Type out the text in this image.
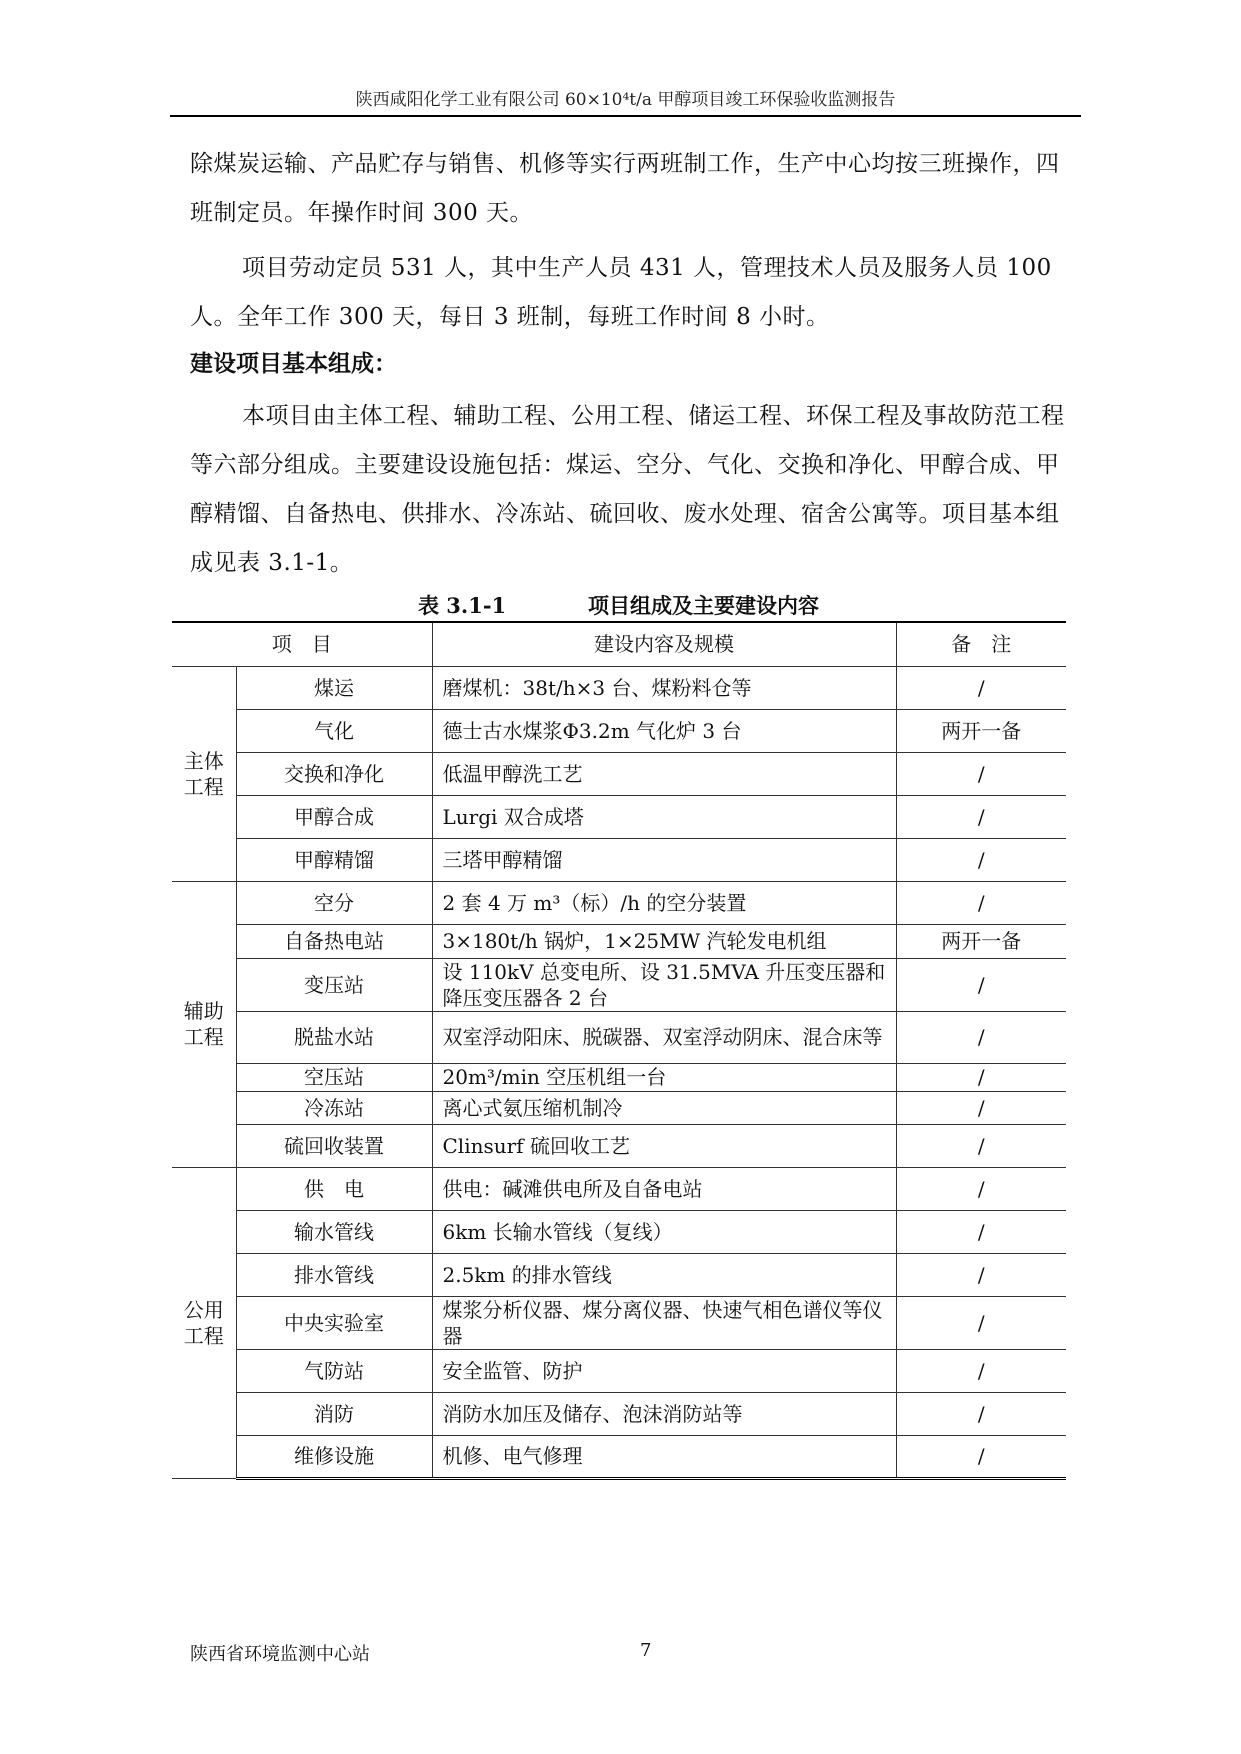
陕西咸阳化学工业有限公司 60×10⁴t/a 甲醇项目竣工环保验收监测报告
除煤炭运输、产品贮存与销售、机修等实行两班制工作，生产中心均按三班操作，四班制定员。年操作时间 300 天。
项目劳动定员 531 人，其中生产人员 431 人，管理技术人员及服务人员 100 人。全年工作 300 天，每日 3 班制，每班工作时间 8 小时。
建设项目基本组成：
本项目由主体工程、辅助工程、公用工程、储运工程、环保工程及事故防范工程等六部分组成。主要建设设施包括：煤运、空分、气化、交换和净化、甲醇合成、甲醇精馏、自备热电、供排水、冷冻站、硫回收、废水处理、宿舍公寓等。项目基本组成见表 3.1-1。
表 3.1-1	项目组成及主要建设内容
项　目		建设内容及规模	备　注
主体
工程	煤运	磨煤机：38t/h×3 台、煤粉料仓等	/
	气化	德士古水煤浆Φ3.2m 气化炉 3 台	两开一备
	交换和净化	低温甲醇洗工艺	/
	甲醇合成	Lurgi 双合成塔	/
	甲醇精馏	三塔甲醇精馏	/
辅助
工程	空分	2 套 4 万 m³（标）/h 的空分装置	/
	自备热电站	3×180t/h 锅炉，1×25MW 汽轮发电机组	两开一备
	变压站	设 110kV 总变电所、设 31.5MVA 升压变压器和降压变压器各 2 台	/
	脱盐水站	双室浮动阳床、脱碳器、双室浮动阴床、混合床等	/
	空压站	20m³/min 空压机组一台	/
	冷冻站	离心式氨压缩机制冷	/
	硫回收装置	Clinsurf 硫回收工艺	/
公用
工程	供　电	供电：碱滩供电所及自备电站	/
	输水管线	6km 长输水管线（复线）	/
	排水管线	2.5km 的排水管线	/
	中央实验室	煤浆分析仪器、煤分离仪器、快速气相色谱仪等仪器	/
	气防站	安全监管、防护	/
	消防	消防水加压及储存、泡沫消防站等	/
	维修设施	机修、电气修理	/
陕西省环境监测中心站	7
